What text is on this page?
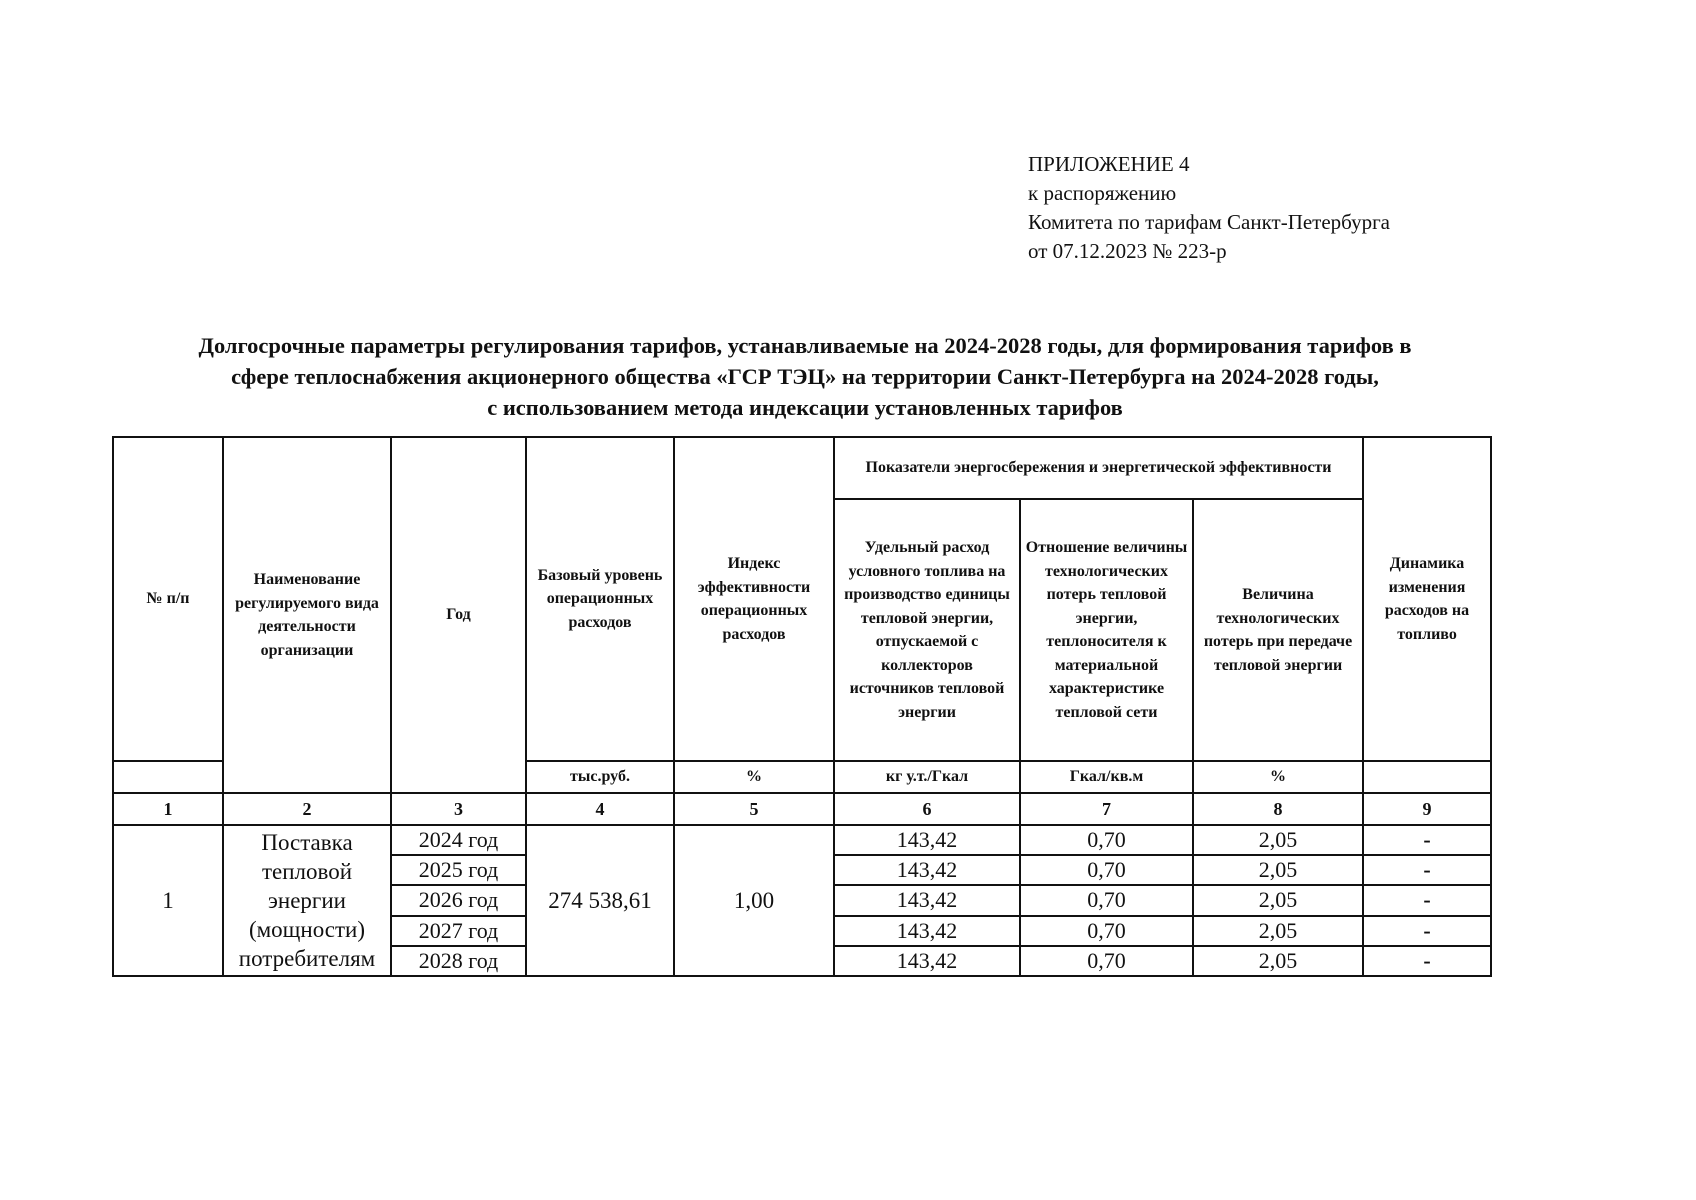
ПРИЛОЖЕНИЕ 4
к распоряжению
Комитета по тарифам Санкт-Петербурга
от 07.12.2023 № 223-р
Долгосрочные параметры регулирования тарифов, устанавливаемые на 2024-2028 годы, для формирования тарифов в
сфере теплоснабжения акционерного общества «ГСР ТЭЦ» на территории Санкт-Петербурга на 2024-2028 годы,
с использованием метода индексации установленных тарифов
№ п/п	Наименование регулируемого вида деятельности организации	Год	Базовый уровень операционных расходов	Индекс эффективности операционных расходов	Показатели энергосбережения и энергетической эффективности			Динамика изменения расходов на топливо
					Удельный расход условного топлива на производство единицы тепловой энергии, отпускаемой с коллекторов источников тепловой энергии	Отношение величины технологических потерь тепловой энергии, теплоносителя к материальной характеристике тепловой сети	Величина технологических потерь при передаче тепловой энергии	
			тыс.руб.	%	кг у.т./Гкал	Гкал/кв.м	%	
1	2	3	4	5	6	7	8	9
1	Поставка тепловой энергии (мощности) потребителям	2024 год	274 538,61	1,00	143,42	0,70	2,05	-
		2025 год			143,42	0,70	2,05	-
		2026 год			143,42	0,70	2,05	-
		2027 год			143,42	0,70	2,05	-
		2028 год			143,42	0,70	2,05	-
